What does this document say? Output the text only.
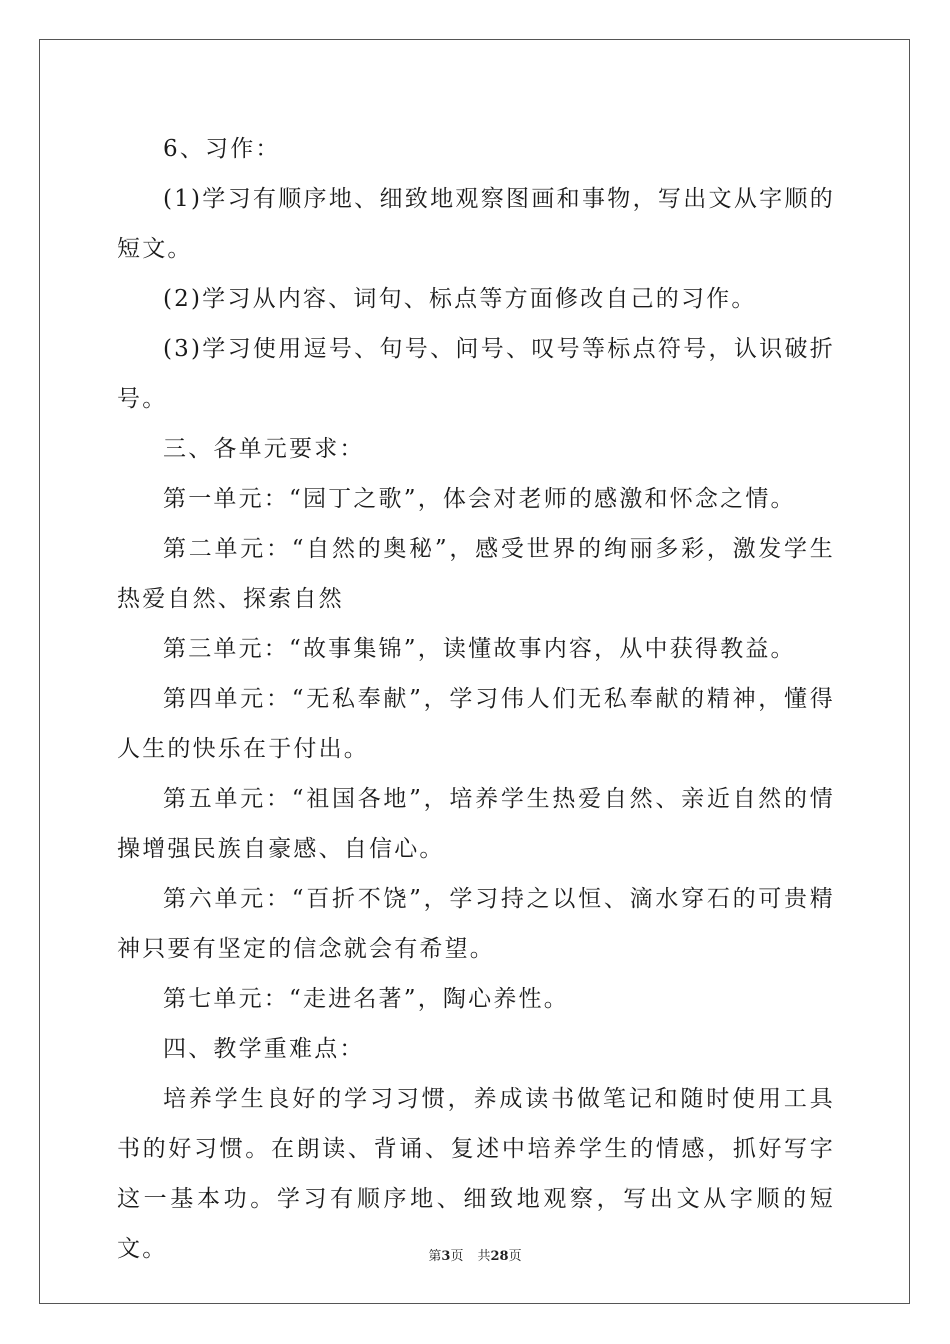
6、习作：

(1)学习有顺序地、细致地观察图画和事物，写出文从字顺的短文。

(2)学习从内容、词句、标点等方面修改自己的习作。

(3)学习使用逗号、句号、问号、叹号等标点符号，认识破折号。

三、各单元要求：

第一单元：“园丁之歌”，体会对老师的感激和怀念之情。

第二单元：“自然的奥秘”，感受世界的绚丽多彩，激发学生热爱自然、探索自然

第三单元：“故事集锦”，读懂故事内容，从中获得教益。

第四单元：“无私奉献”，学习伟人们无私奉献的精神，懂得人生的快乐在于付出。

第五单元：“祖国各地”，培养学生热爱自然、亲近自然的情操增强民族自豪感、自信心。

第六单元：“百折不饶”，学习持之以恒、滴水穿石的可贵精神只要有坚定的信念就会有希望。

第七单元：“走进名著”，陶心养性。

四、教学重难点：

培养学生良好的学习习惯，养成读书做笔记和随时使用工具书的好习惯。在朗读、背诵、复述中培养学生的情感，抓好写字这一基本功。学习有顺序地、细致地观察，写出文从字顺的短文。	第3页 共28页
